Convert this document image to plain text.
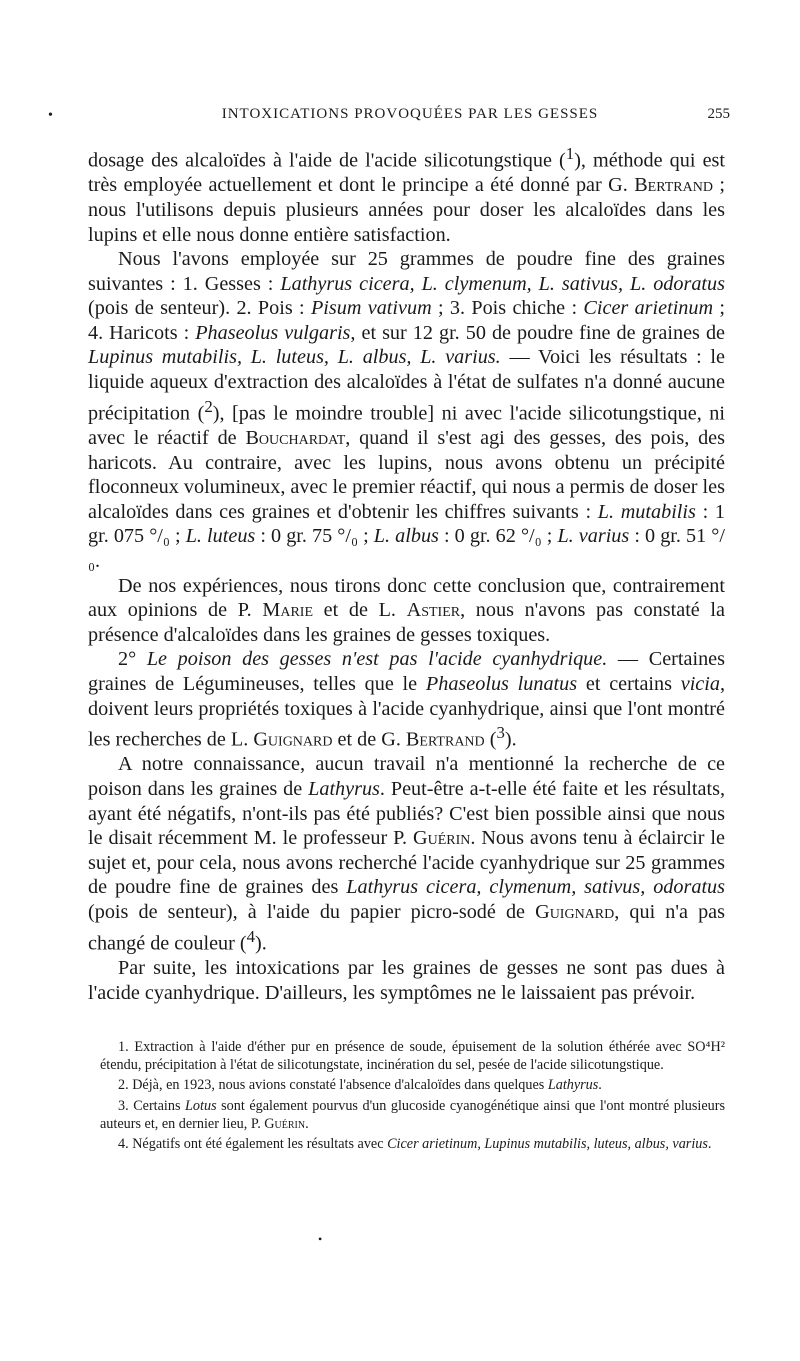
•	INTOXICATIONS PROVOQUÉES PAR LES GESSES	255

dosage des alcaloïdes à l'aide de l'acide silicotungstique ($^1$), méthode qui est très employée actuellement et dont le principe a été donné par G. Bertrand ; nous l'utilisons depuis plusieurs années pour doser les alcaloïdes dans les lupins et elle nous donne entière satisfaction.

Nous l'avons employée sur 25 grammes de poudre fine des graines suivantes : 1. Gesses : Lathyrus cicera, L. clymenum, L. sativus, L. odoratus (pois de senteur). 2. Pois : Pisum vativum ; 3. Pois chiche : Cicer arietinum ; 4. Haricots : Phaseolus vulgaris, et sur 12 gr. 50 de poudre fine de graines de Lupinus mutabilis, L. luteus, L. albus, L. varius. — Voici les résultats : le liquide aqueux d'extraction des alcaloïdes à l'état de sulfates n'a donné aucune précipitation ($^2$), [pas le moindre trouble] ni avec l'acide silicotungstique, ni avec le réactif de Bouchardat, quand il s'est agi des gesses, des pois, des haricots. Au contraire, avec les lupins, nous avons obtenu un précipité floconneux volumineux, avec le premier réactif, qui nous a permis de doser les alcaloïdes dans ces graines et d'obtenir les chiffres suivants : L. mutabilis : 1 gr. 075 °/₀ ; L. luteus : 0 gr. 75 °/₀ ; L. albus : 0 gr. 62 °/₀ ; L. varius : 0 gr. 51 °/₀.

De nos expériences, nous tirons donc cette conclusion que, contrairement aux opinions de P. Marie et de L. Astier, nous n'avons pas constaté la présence d'alcaloïdes dans les graines de gesses toxiques.

2° Le poison des gesses n'est pas l'acide cyanhydrique. — Certaines graines de Légumineuses, telles que le Phaseolus lunatus et certains vicia, doivent leurs propriétés toxiques à l'acide cyanhydrique, ainsi que l'ont montré les recherches de L. Guignard et de G. Bertrand ($^3$).

A notre connaissance, aucun travail n'a mentionné la recherche de ce poison dans les graines de Lathyrus. Peut-être a-t-elle été faite et les résultats, ayant été négatifs, n'ont-ils pas été publiés? C'est bien possible ainsi que nous le disait récemment M. le professeur P. Guérin. Nous avons tenu à éclaircir le sujet et, pour cela, nous avons recherché l'acide cyanhydrique sur 25 grammes de poudre fine de graines des Lathyrus cicera, clymenum, sativus, odoratus (pois de senteur), à l'aide du papier picro-sodé de Guignard, qui n'a pas changé de couleur ($^4$).

Par suite, les intoxications par les graines de gesses ne sont pas dues à l'acide cyanhydrique. D'ailleurs, les symptômes ne le laissaient pas prévoir.

1. Extraction à l'aide d'éther pur en présence de soude, épuisement de la solution éthérée avec SO⁴H² étendu, précipitation à l'état de silicotungstate, incinération du sel, pesée de l'acide silicotungstique.

2. Déjà, en 1923, nous avions constaté l'absence d'alcaloïdes dans quelques Lathyrus.

3. Certains Lotus sont également pourvus d'un glucoside cyanogénétique ainsi que l'ont montré plusieurs auteurs et, en dernier lieu, P. Guérin.

4. Négatifs ont été également les résultats avec Cicer arietinum, Lupinus mutabilis, luteus, albus, varius.

•
